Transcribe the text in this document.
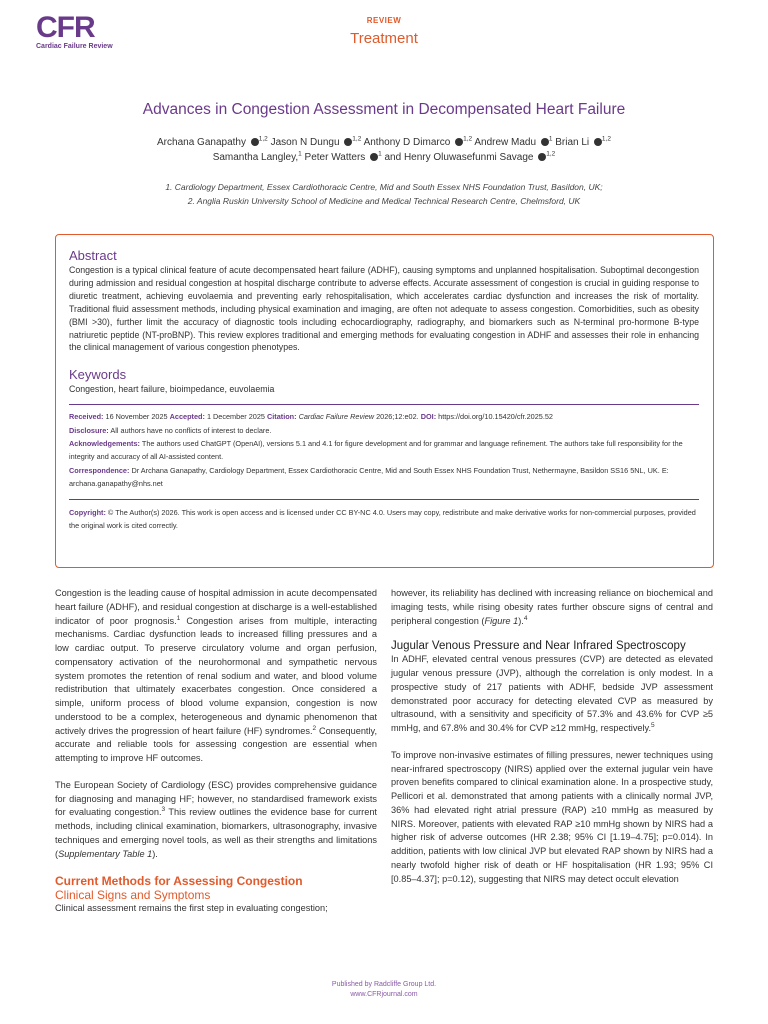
CFR
Cardiac Failure Review
REVIEW
Treatment
Advances in Congestion Assessment in Decompensated Heart Failure
Archana Ganapathy $^{1,2}$ Jason N Dungu $^{1,2}$ Anthony D Dimarco $^{1,2}$ Andrew Madu $^1$ Brian Li $^{1,2}$
Samantha Langley,$^1$ Peter Watters $^1$ and Henry Oluwasefunmi Savage $^{1,2}$
1. Cardiology Department, Essex Cardiothoracic Centre, Mid and South Essex NHS Foundation Trust, Basildon, UK;
2. Anglia Ruskin University School of Medicine and Medical Technical Research Centre, Chelmsford, UK
Abstract
Congestion is a typical clinical feature of acute decompensated heart failure (ADHF), causing symptoms and unplanned hospitalisation. Suboptimal decongestion during admission and residual congestion at hospital discharge contribute to adverse effects. Accurate assessment of congestion is crucial in guiding response to diuretic treatment, achieving euvolaemia and preventing early rehospitalisation, which accelerates cardiac dysfunction and increases the risk of mortality. Traditional fluid assessment methods, including physical examination and imaging, are often not adequate to assess congestion. Comorbidities, such as obesity (BMI >30), further limit the accuracy of diagnostic tools including echocardiography, radiography, and biomarkers such as N-terminal pro-hormone B-type natriuretic peptide (NT-proBNP). This review explores traditional and emerging methods for evaluating congestion in ADHF and assesses their role in enhancing the clinical management of various congestion phenotypes.
Keywords
Congestion, heart failure, bioimpedance, euvolaemia
Received: 16 November 2025 Accepted: 1 December 2025 Citation: Cardiac Failure Review 2026;12:e02. DOI: https://doi.org/10.15420/cfr.2025.52
Disclosure: All authors have no conflicts of interest to declare.
Acknowledgements: The authors used ChatGPT (OpenAI), versions 5.1 and 4.1 for figure development and for grammar and language refinement. The authors take full responsibility for the integrity and accuracy of all AI-assisted content.
Correspondence: Dr Archana Ganapathy, Cardiology Department, Essex Cardiothoracic Centre, Mid and South Essex NHS Foundation Trust, Nethermayne, Basildon SS16 5NL, UK. E: archana.ganapathy@nhs.net
Copyright: © The Author(s) 2026. This work is open access and is licensed under CC BY-NC 4.0. Users may copy, redistribute and make derivative works for non-commercial purposes, provided the original work is cited correctly.

Congestion is the leading cause of hospital admission in acute decompensated heart failure (ADHF), and residual congestion at discharge is a well-established indicator of poor prognosis.$^1$ Congestion arises from multiple, interacting mechanisms. Cardiac dysfunction leads to increased filling pressures and a low cardiac output. To preserve circulatory volume and organ perfusion, compensatory activation of the neurohormonal and sympathetic nervous system promotes the retention of renal sodium and water, and blood volume redistribution that ultimately exacerbates congestion. Once considered a simple, uniform process of blood volume expansion, congestion is now understood to be a complex, heterogeneous and dynamic phenomenon that actively drives the progression of heart failure (HF) syndromes.$^2$ Consequently, accurate and reliable tools for assessing congestion are essential when attempting to improve HF outcomes.

The European Society of Cardiology (ESC) provides comprehensive guidance for diagnosing and managing HF; however, no standardised framework exists for evaluating congestion.$^3$ This review outlines the evidence base for current methods, including clinical examination, biomarkers, ultrasonography, invasive techniques and emerging novel tools, as well as their strengths and limitations (Supplementary Table 1).

Current Methods for Assessing Congestion
Clinical Signs and Symptoms

Clinical assessment remains the first step in evaluating congestion;

however, its reliability has declined with increasing reliance on biochemical and imaging tests, while rising obesity rates further obscure signs of central and peripheral congestion (Figure 1).$^4$

Jugular Venous Pressure and Near Infrared Spectroscopy

In ADHF, elevated central venous pressures (CVP) are detected as elevated jugular venous pressure (JVP), although the correlation is only modest. In a prospective study of 217 patients with ADHF, bedside JVP assessment demonstrated poor accuracy for detecting elevated CVP as measured by ultrasound, with a sensitivity and specificity of 57.3% and 43.6% for CVP ≥5 mmHg, and 67.8% and 30.4% for CVP ≥12 mmHg, respectively.$^5$

To improve non-invasive estimates of filling pressures, newer techniques using near-infrared spectroscopy (NIRS) applied over the external jugular vein have proven benefits compared to clinical examination alone. In a prospective study, Pellicori et al. demonstrated that among patients with a clinically normal JVP, 36% had elevated right atrial pressure (RAP) ≥10 mmHg as measured by NIRS. Moreover, patients with elevated RAP ≥10 mmHg shown by NIRS had a higher risk of adverse outcomes (HR 2.38; 95% CI [1.19–4.75]; p=0.014). In addition, patients with low clinical JVP but elevated RAP shown by NIRS had a nearly twofold higher risk of death or HF hospitalisation (HR 1.93; 95% CI [0.85–4.37]; p=0.12), suggesting that NIRS may detect occult elevation

Published by Radcliffe Group Ltd.
www.CFRjournal.com
